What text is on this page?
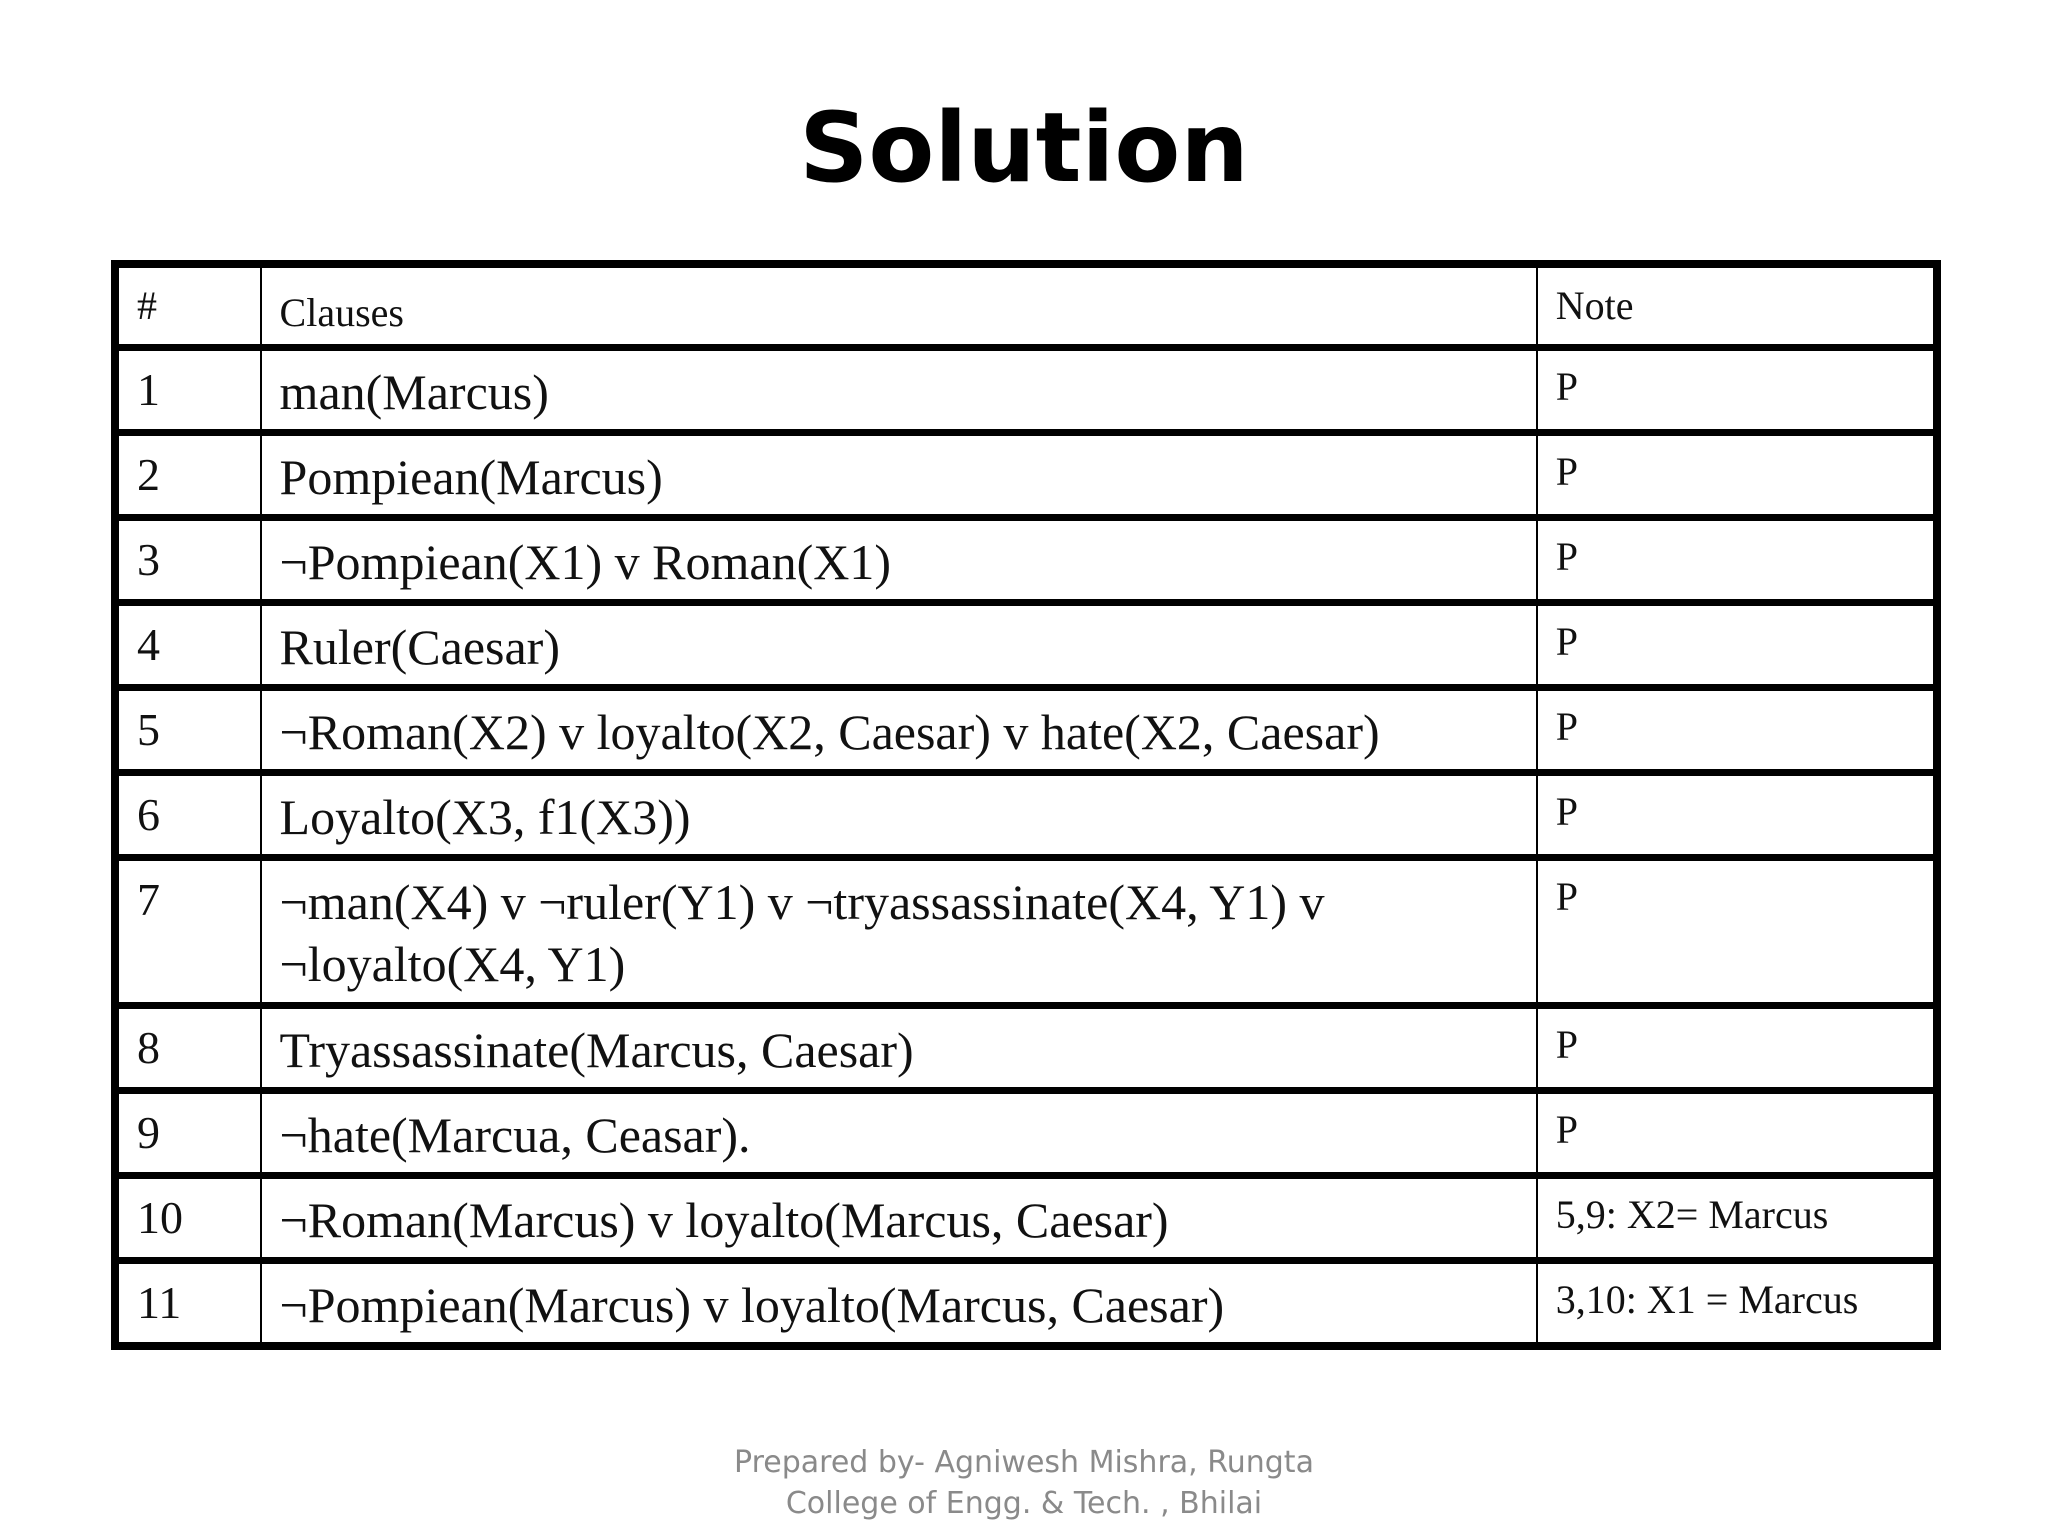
Solution
#	Clauses	Note
1	man(Marcus)	P
2	Pompiean(Marcus)	P
3	¬Pompiean(X1) v Roman(X1)	P
4	Ruler(Caesar)	P
5	¬Roman(X2) v loyalto(X2, Caesar) v hate(X2, Caesar)	P
6	Loyalto(X3, f1(X3))	P
7	¬man(X4) v ¬ruler(Y1) v ¬tryassassinate(X4, Y1) v ¬loyalto(X4, Y1)	P
8	Tryassassinate(Marcus, Caesar)	P
9	¬hate(Marcua, Ceasar).	P
10	¬Roman(Marcus) v loyalto(Marcus, Caesar)	5,9: X2= Marcus
11	¬Pompiean(Marcus) v loyalto(Marcus, Caesar)	3,10: X1 = Marcus
Prepared by- Agniwesh Mishra, Rungta
College of Engg. & Tech. , Bhilai
